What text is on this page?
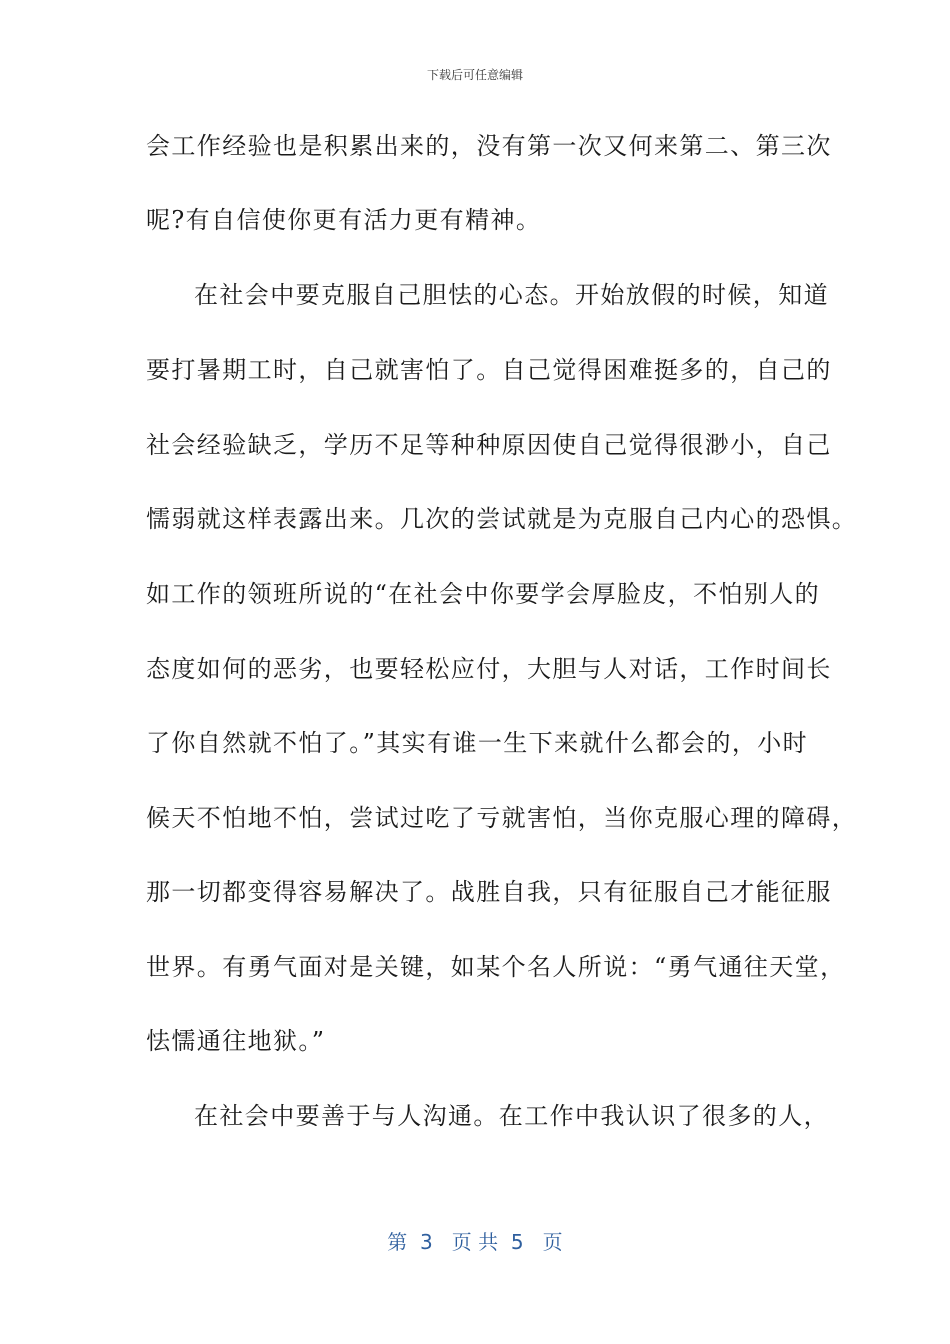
下载后可任意编辑
会工作经验也是积累出来的，没有第一次又何来第二、第三次
呢?有自信使你更有活力更有精神。
在社会中要克服自己胆怯的心态。开始放假的时候，知道
要打暑期工时，自己就害怕了。自己觉得困难挺多的，自己的
社会经验缺乏，学历不足等种种原因使自己觉得很渺小，自己
懦弱就这样表露出来。几次的尝试就是为克服自己内心的恐惧。
如工作的领班所说的“在社会中你要学会厚脸皮，不怕别人的
态度如何的恶劣，也要轻松应付，大胆与人对话，工作时间长
了你自然就不怕了。”其实有谁一生下来就什么都会的，小时
候天不怕地不怕，尝试过吃了亏就害怕，当你克服心理的障碍，
那一切都变得容易解决了。战胜自我，只有征服自己才能征服
世界。有勇气面对是关键，如某个名人所说：“勇气通往天堂，
怯懦通往地狱。”
在社会中要善于与人沟通。在工作中我认识了很多的人，
第  3   页 共  5   页
